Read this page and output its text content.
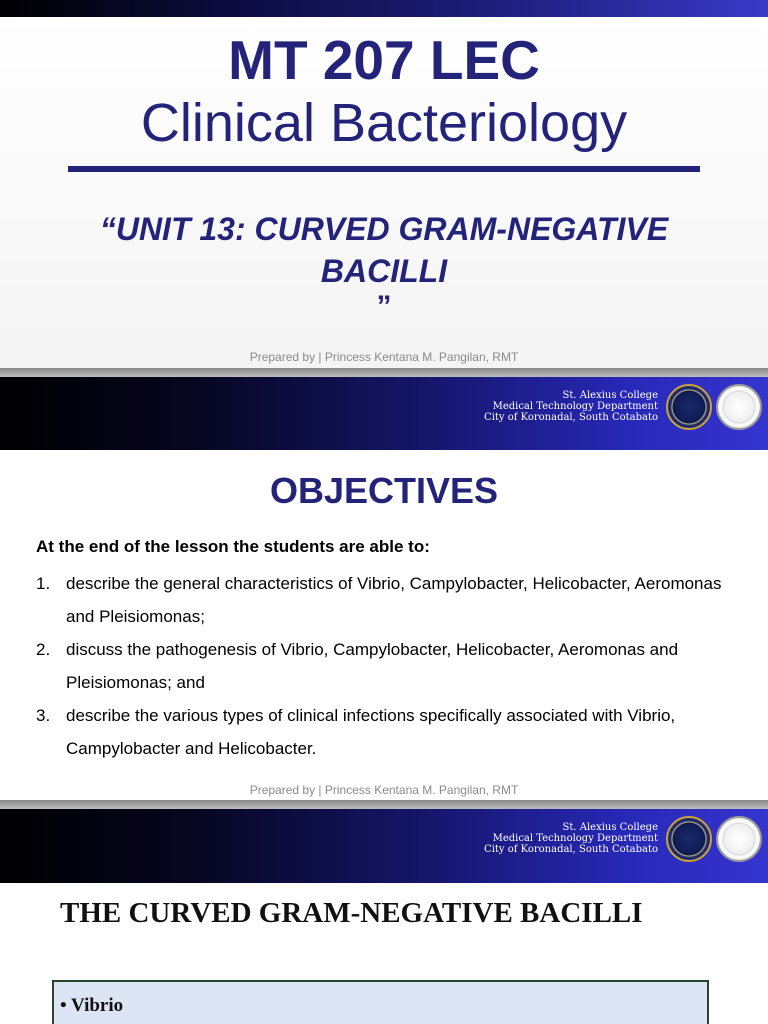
MT 207 LEC
Clinical Bacteriology
“UNIT 13: CURVED GRAM-NEGATIVE BACILLI
”
Prepared by | Princess Kentana M. Pangilan, RMT
St. Alexius College
Medical Technology Department
City of Koronadal, South Cotabato
OBJECTIVES
At the end of the lesson the students are able to:
1. describe the general characteristics of Vibrio, Campylobacter, Helicobacter, Aeromonas and Pleisiomonas;
2. discuss the pathogenesis of Vibrio, Campylobacter, Helicobacter, Aeromonas and Pleisiomonas; and
3. describe the various types of clinical infections specifically associated with Vibrio, Campylobacter and Helicobacter.
Prepared by | Princess Kentana M. Pangilan, RMT
St. Alexius College
Medical Technology Department
City of Koronadal, South Cotabato
THE CURVED GRAM-NEGATIVE BACILLI
• Vibrio
